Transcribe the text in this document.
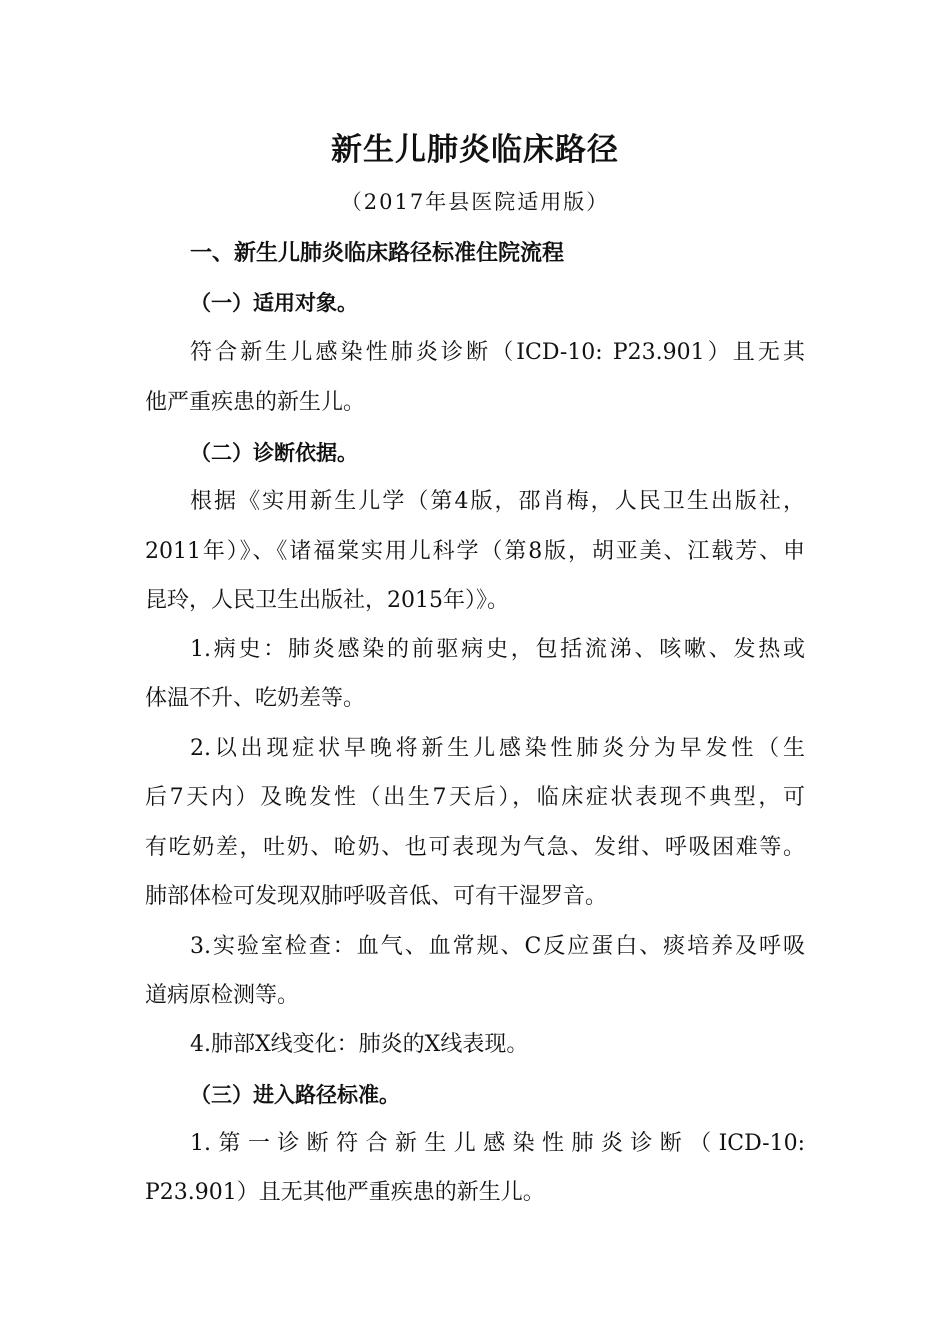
新生儿肺炎临床路径

（2017年县医院适用版）

一、新生儿肺炎临床路径标准住院流程

（一）适用对象。

符合新生儿感染性肺炎诊断（ICD-10: P23.901）且无其

他严重疾患的新生儿。

（二）诊断依据。

根据《实用新生儿学（第4版，邵肖梅，人民卫生出版社，

2011年）》、《诸福棠实用儿科学（第8版，胡亚美、江载芳、申

昆玲，人民卫生出版社，2015年）》。

1.病史：肺炎感染的前驱病史，包括流涕、咳嗽、发热或

体温不升、吃奶差等。

2.以出现症状早晚将新生儿感染性肺炎分为早发性（生

后7天内）及晚发性（出生7天后），临床症状表现不典型，可

有吃奶差，吐奶、呛奶、也可表现为气急、发绀、呼吸困难等。

肺部体检可发现双肺呼吸音低、可有干湿罗音。

3.实验室检查：血气、血常规、C反应蛋白、痰培养及呼吸

道病原检测等。

4.肺部X线变化：肺炎的X线表现。

（三）进入路径标准。

1.第一诊断符合新生儿感染性肺炎诊断（ICD-10:

P23.901）且无其他严重疾患的新生儿。
